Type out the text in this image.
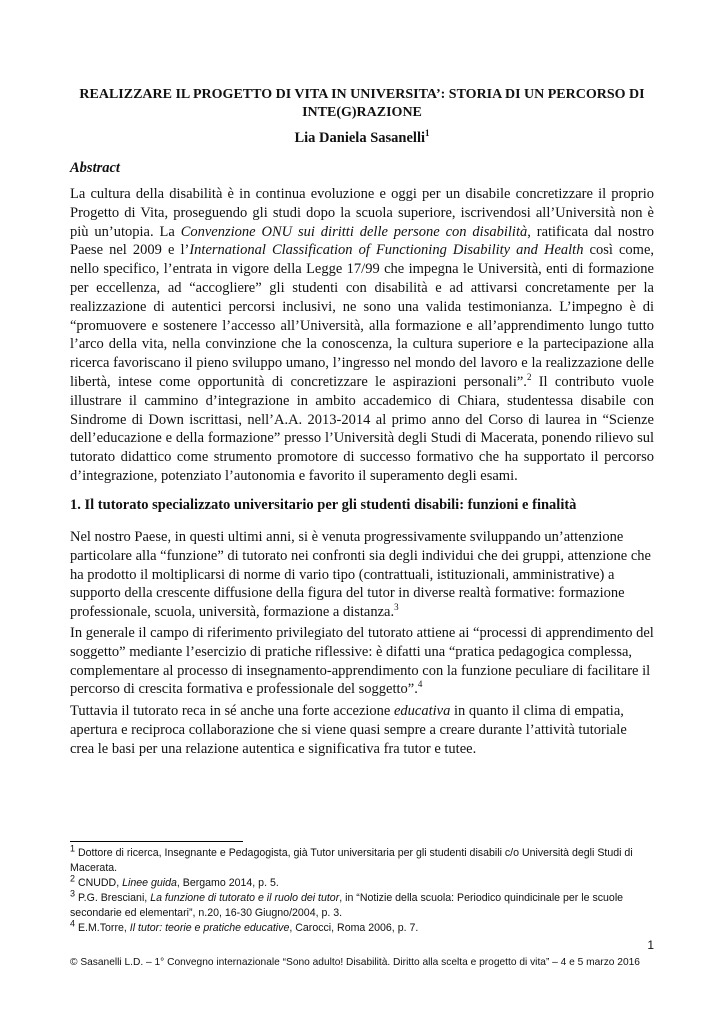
REALIZZARE IL PROGETTO DI VITA IN UNIVERSITA’: STORIA DI UN PERCORSO DI INTE(G)RAZIONE
Lia Daniela Sasanelli$^1$
Abstract
La cultura della disabilità è in continua evoluzione e oggi per un disabile concretizzare il proprio Progetto di Vita, proseguendo gli studi dopo la scuola superiore, iscrivendosi all’Università non è più un’utopia. La Convenzione ONU sui diritti delle persone con disabilità, ratificata dal nostro Paese nel 2009 e l’International Classification of Functioning Disability and Health così come, nello specifico, l’entrata in vigore della Legge 17/99 che impegna le Università, enti di formazione per eccellenza, ad “accogliere” gli studenti con disabilità e ad attivarsi concretamente per la realizzazione di autentici percorsi inclusivi, ne sono una valida testimonianza. L’impegno è di “promuovere e sostenere l’accesso all’Università, alla formazione e all’apprendimento lungo tutto l’arco della vita, nella convinzione che la conoscenza, la cultura superiore e la partecipazione alla ricerca favoriscano il pieno sviluppo umano, l’ingresso nel mondo del lavoro e la realizzazione delle libertà, intese come opportunità di concretizzare le aspirazioni personali”.$^2$ Il contributo vuole illustrare il cammino d’integrazione in ambito accademico di Chiara, studentessa disabile con Sindrome di Down iscrittasi, nell’A.A. 2013-2014 al primo anno del Corso di laurea in “Scienze dell’educazione e della formazione” presso l’Università degli Studi di Macerata, ponendo rilievo sul tutorato didattico come strumento promotore di successo formativo che ha supportato il percorso d’integrazione, potenziato l’autonomia e favorito il superamento degli esami.
1. Il tutorato specializzato universitario per gli studenti disabili: funzioni e finalità
Nel nostro Paese, in questi ultimi anni, si è venuta progressivamente sviluppando un’attenzione particolare alla “funzione” di tutorato nei confronti sia degli individui che dei gruppi, attenzione che ha prodotto il moltiplicarsi di norme di vario tipo (contrattuali, istituzionali, amministrative) a supporto della crescente diffusione della figura del tutor in diverse realtà formative: formazione professionale, scuola, università, formazione a distanza.$^3$
In generale il campo di riferimento privilegiato del tutorato attiene ai “processi di apprendimento del soggetto” mediante l’esercizio di pratiche riflessive: è difatti una “pratica pedagogica complessa, complementare al processo di insegnamento-apprendimento con la funzione peculiare di facilitare il percorso di crescita formativa e professionale del soggetto”.$^4$
Tuttavia il tutorato reca in sé anche una forte accezione educativa in quanto il clima di empatia, apertura e reciproca collaborazione che si viene quasi sempre a creare durante l’attività tutoriale crea le basi per una relazione autentica e significativa fra tutor e tutee.

$^1$ Dottore di ricerca, Insegnante e Pedagogista, già Tutor universitaria per gli studenti disabili c/o Università degli Studi di Macerata.

$^2$ CNUDD, Linee guida, Bergamo 2014, p. 5.

$^3$ P.G. Bresciani, La funzione di tutorato e il ruolo dei tutor, in “Notizie della scuola: Periodico quindicinale per le scuole secondarie ed elementari”, n.20, 16-30 Giugno/2004, p. 3.

$^4$ E.M.Torre, Il tutor: teorie e pratiche educative, Carocci, Roma 2006, p. 7.

1
© Sasanelli L.D. – 1° Convegno internazionale “Sono adulto! Disabilità. Diritto alla scelta e progetto di vita” – 4 e 5 marzo 2016
